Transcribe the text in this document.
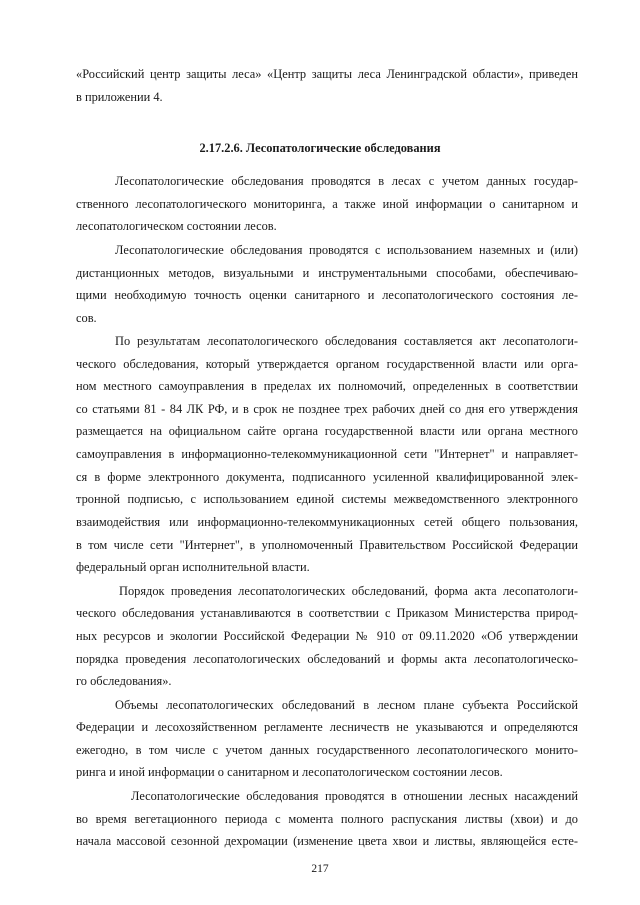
«Российский центр защиты леса» «Центр защиты леса Ленинградской области», приведен
в приложении 4.
2.17.2.6. Лесопатологические обследования
Лесопатологические обследования проводятся в лесах с учетом данных государ-
ственного лесопатологического мониторинга, а также иной информации о санитарном и
лесопатологическом состоянии лесов.
Лесопатологические обследования проводятся с использованием наземных и (или)
дистанционных методов, визуальными и инструментальными способами, обеспечиваю-
щими необходимую точность оценки санитарного и лесопатологического состояния ле-
сов.
По результатам лесопатологического обследования составляется акт лесопатологи-
ческого обследования, который утверждается органом государственной власти или орга-
ном местного самоуправления в пределах их полномочий, определенных в соответствии
со статьями 81 - 84 ЛК РФ, и в срок не позднее трех рабочих дней со дня его утверждения
размещается на официальном сайте органа государственной власти или органа местного
самоуправления в информационно-телекоммуникационной сети "Интернет" и направляет-
ся в форме электронного документа, подписанного усиленной квалифицированной элек-
тронной подписью, с использованием единой системы межведомственного электронного
взаимодействия или информационно-телекоммуникационных сетей общего пользования,
в том числе сети "Интернет", в уполномоченный Правительством Российской Федерации
федеральный орган исполнительной власти.
Порядок проведения лесопатологических обследований, форма акта лесопатологи-
ческого обследования устанавливаются в соответствии с Приказом Министерства природ-
ных ресурсов и экологии Российской Федерации № 910 от 09.11.2020 «Об утверждении
порядка проведения лесопатологических обследований и формы акта лесопатологическо-
го обследования».
Объемы лесопатологических обследований в лесном плане субъекта Российской
Федерации и лесохозяйственном регламенте лесничеств не указываются и определяются
ежегодно, в том числе с учетом данных государственного лесопатологического монито-
ринга и иной информации о санитарном и лесопатологическом состоянии лесов.
Лесопатологические обследования проводятся в отношении лесных насаждений
во время вегетационного периода с момента полного распускания листвы (хвои) и до
начала массовой сезонной дехромации (изменение цвета хвои и листвы, являющейся есте-
217
